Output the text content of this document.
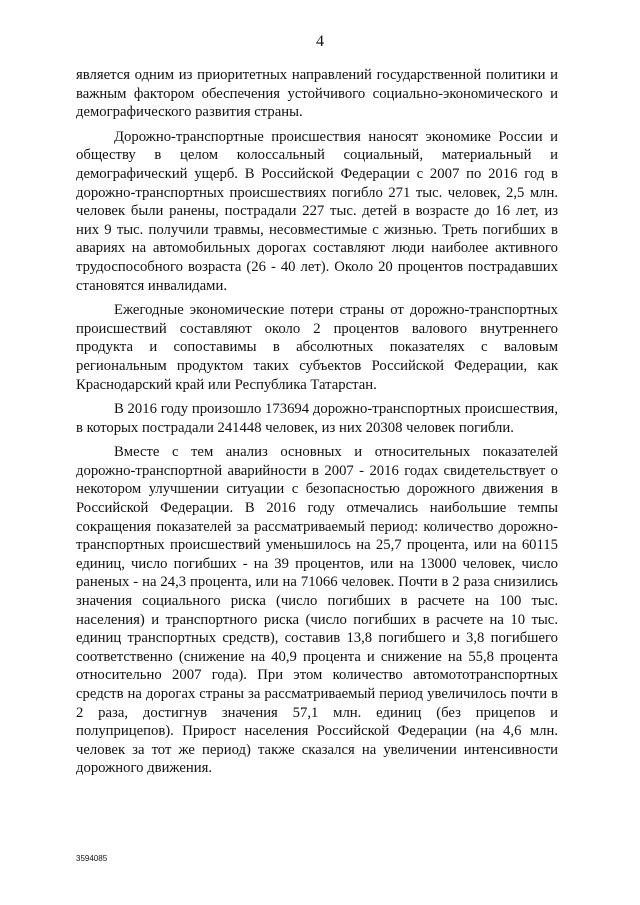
4

является одним из приоритетных направлений государственной политики и важным фактором обеспечения устойчивого социально-экономического и демографического развития страны.

Дорожно-транспортные происшествия наносят экономике России и обществу в целом колоссальный социальный, материальный и демографический ущерб. В Российской Федерации с 2007 по 2016 год в дорожно-транспортных происшествиях погибло 271 тыс. человек, 2,5 млн. человек были ранены, пострадали 227 тыс. детей в возрасте до 16 лет, из них 9 тыс. получили травмы, несовместимые с жизнью. Треть погибших в авариях на автомобильных дорогах составляют люди наиболее активного трудоспособного возраста (26 - 40 лет). Около 20 процентов пострадавших становятся инвалидами.

Ежегодные экономические потери страны от дорожно-транспортных происшествий составляют около 2 процентов валового внутреннего продукта и сопоставимы в абсолютных показателях с валовым региональным продуктом таких субъектов Российской Федерации, как Краснодарский край или Республика Татарстан.

В 2016 году произошло 173694 дорожно-транспортных происшествия, в которых пострадали 241448 человек, из них 20308 человек погибли.

Вместе с тем анализ основных и относительных показателей дорожно-транспортной аварийности в 2007 - 2016 годах свидетельствует о некотором улучшении ситуации с безопасностью дорожного движения в Российской Федерации. В 2016 году отмечались наибольшие темпы сокращения показателей за рассматриваемый период: количество дорожно-транспортных происшествий уменьшилось на 25,7 процента, или на 60115 единиц, число погибших - на 39 процентов, или на 13000 человек, число раненых - на 24,3 процента, или на 71066 человек. Почти в 2 раза снизились значения социального риска (число погибших в расчете на 100 тыс. населения) и транспортного риска (число погибших в расчете на 10 тыс. единиц транспортных средств), составив 13,8 погибшего и 3,8 погибшего соответственно (снижение на 40,9 процента и снижение на 55,8 процента относительно 2007 года). При этом количество автомототранспортных средств на дорогах страны за рассматриваемый период увеличилось почти в 2 раза, достигнув значения 57,1 млн. единиц (без прицепов и полуприцепов). Прирост населения Российской Федерации (на 4,6 млн. человек за тот же период) также сказался на увеличении интенсивности дорожного движения.

3594085
